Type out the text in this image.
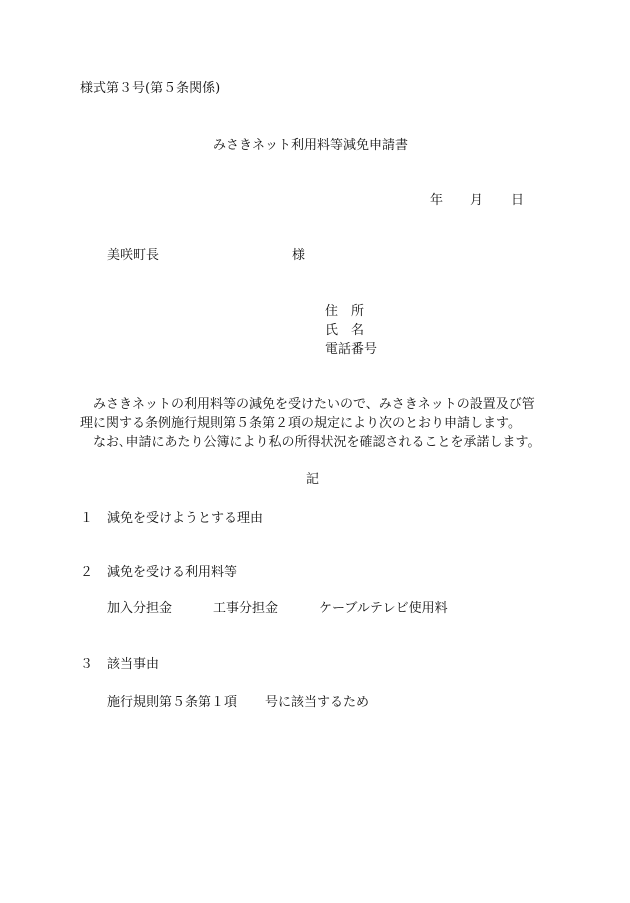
様式第３号(第５条関係)
みさきネット利用料等減免申請書
年 月 日
美咲町長	様
住　所
氏　名
電話番号
みさきネットの利用料等の減免を受けたいので、みさきネットの設置及び管
理に関する条例施行規則第５条第２項の規定により次のとおり申請します。
なお､申請にあたり公簿により私の所得状況を確認されることを承諾します。
記
１ 減免を受けようとする理由
２ 減免を受ける利用料等
加入分担金	工事分担金	ケーブルテレビ使用料
３ 該当事由
施行規則第５条第１項 号に該当するため
